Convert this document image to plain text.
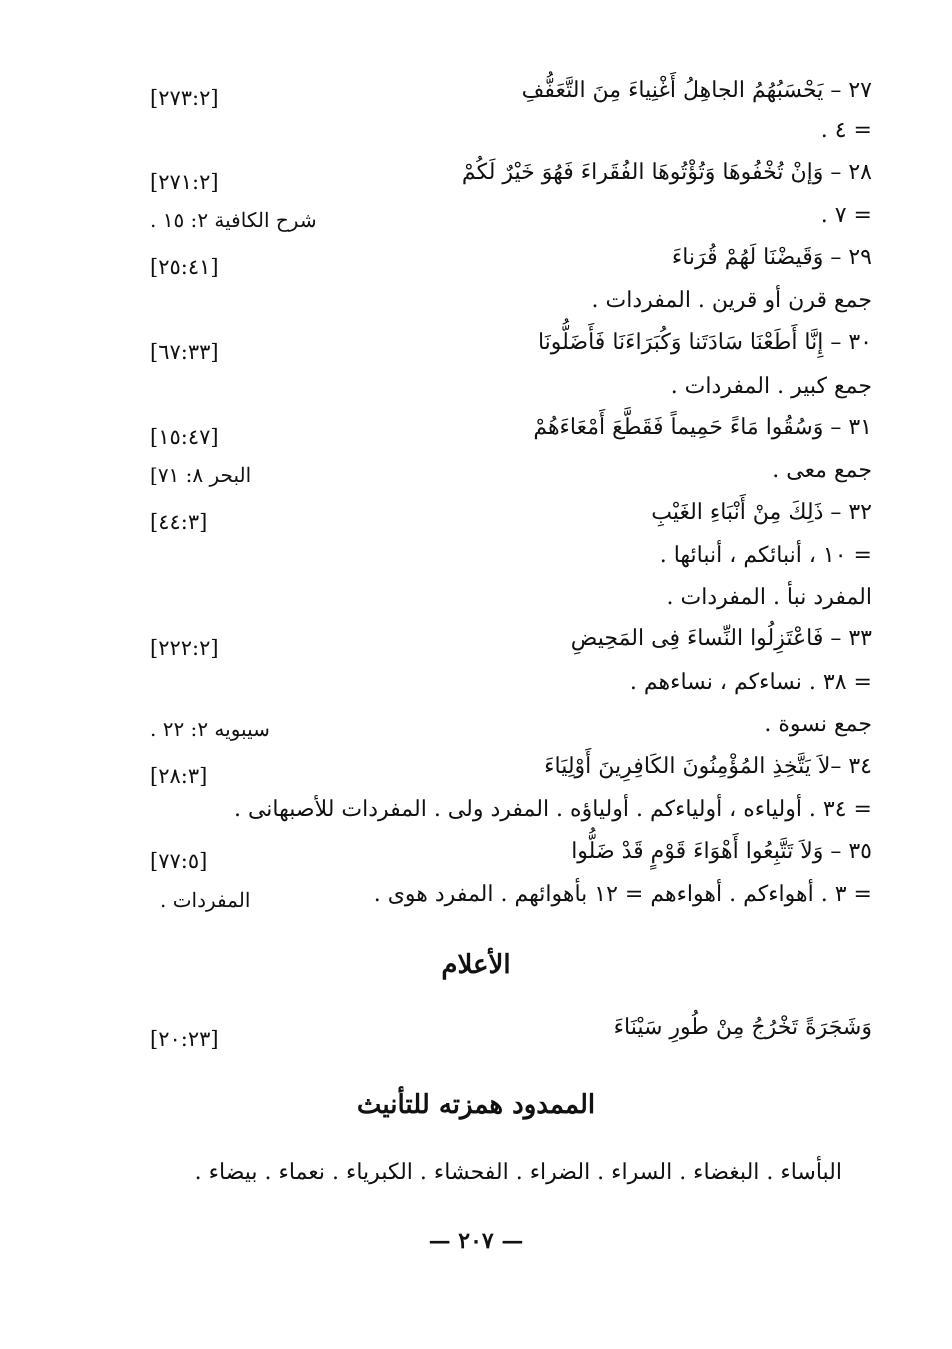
٢٧ – يَحْسَبُهُمُ الجاهِلُ أَغْنِياءَ مِنَ التَّعَفُّفِ
[٢٧٣:٢]
= ٤ .
٢٨ – وَإنْ تُخْفُوهَا وَتُؤْتُوهَا الفُقَراءَ فَهُوَ خَيْرٌ لَكُمْ
[٢٧١:٢]
= ٧ .
شرح الكافية ٢: ١٥ .
٢٩ – وَقَيضْنَا لَهُمْ قُرَناءَ
[٢٥:٤١]
جمع قرن أو قرين . المفردات .
٣٠ – إِنَّا أَطَعْنَا سَادَتَنا وَكُبَرَاءَنَا فَأَضَلُّونَا
[٦٧:٣٣]
جمع كبير . المفردات .
٣١ – وَسُقُوا مَاءً حَمِيماً فَقَطَّعَ أَمْعَاءَهُمْ
[١٥:٤٧]
جمع معى .
البحر ٨: ٧١]
٣٢ – ذَلِكَ مِنْ أَنْبَاءِ الغَيْبِ
[٤٤:٣]
= ١٠ ، أنبائكم ، أنبائها .
المفرد نبأ . المفردات .
٣٣ – فَاعْتَزِلُوا النِّساءَ فِى المَحِيضِ
[٢٢٢:٢]
= ٣٨ . نساءكم ، نساءهم .
جمع نسوة .
سيبويه ٢: ٢٢ .
٣٤ –لاَ يَتَّخِذِ المُؤْمِنُونَ الكَافِرِينَ أَوْلِيَاءَ
[٢٨:٣]
= ٣٤ . أولياءه ، أولياءكم . أولياؤه . المفرد ولى . المفردات للأصبهانى .
٣٥ – وَلاَ تَتَّبِعُوا أَهْوَاءَ قَوْمٍ قَدْ ضَلُّوا
[٧٧:٥]
= ٣ . أهواءكم . أهواءهم = ١٢ بأهوائهم . المفرد هوى .
المفردات .
الأعلام
وَشَجَرَةً تَخْرُجُ مِنْ طُورِ سَيْنَاءَ
[٢٠:٢٣]
الممدود همزته للتأنيث
البأساء . البغضاء . السراء . الضراء . الفحشاء . الكبرياء . نعماء . بيضاء .
— ٢٠٧ —
